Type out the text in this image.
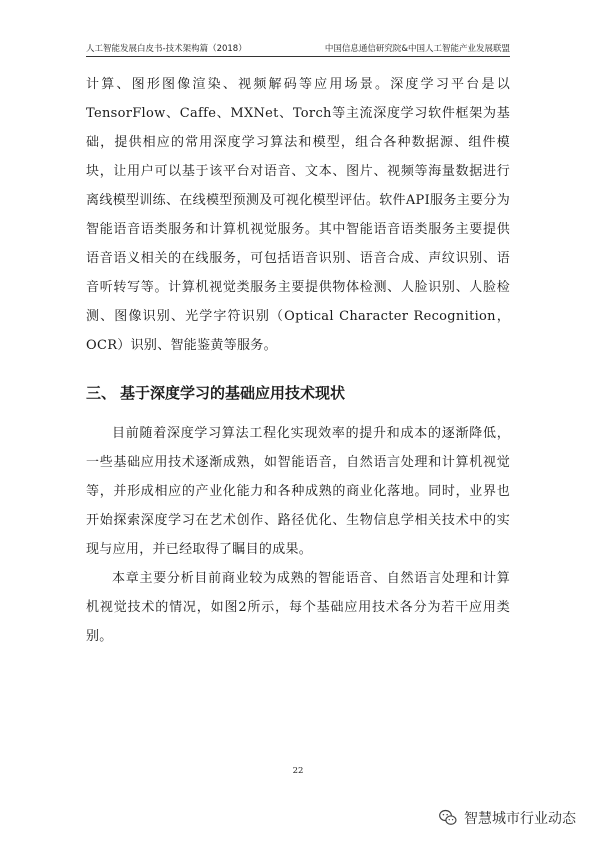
人工智能发展白皮书-技术架构篇（2018）	中国信息通信研究院&中国人工智能产业发展联盟

计算、图形图像渲染、视频解码等应用场景。深度学习平台是以TensorFlow、Caffe、MXNet、Torch等主流深度学习软件框架为基础，提供相应的常用深度学习算法和模型，组合各种数据源、组件模块，让用户可以基于该平台对语音、文本、图片、视频等海量数据进行离线模型训练、在线模型预测及可视化模型评估。软件API服务主要分为智能语音语类服务和计算机视觉服务。其中智能语音语类服务主要提供语音语义相关的在线服务，可包括语音识别、语音合成、声纹识别、语音听转写等。计算机视觉类服务主要提供物体检测、人脸识别、人脸检测、图像识别、光学字符识别（Optical Character Recognition，OCR）识别、智能鉴黄等服务。

三、 基于深度学习的基础应用技术现状

目前随着深度学习算法工程化实现效率的提升和成本的逐渐降低，一些基础应用技术逐渐成熟，如智能语音，自然语言处理和计算机视觉等，并形成相应的产业化能力和各种成熟的商业化落地。同时，业界也开始探索深度学习在艺术创作、路径优化、生物信息学相关技术中的实现与应用，并已经取得了瞩目的成果。

本章主要分析目前商业较为成熟的智能语音、自然语言处理和计算机视觉技术的情况，如图2所示，每个基础应用技术各分为若干应用类别。

22
智慧城市行业动态
